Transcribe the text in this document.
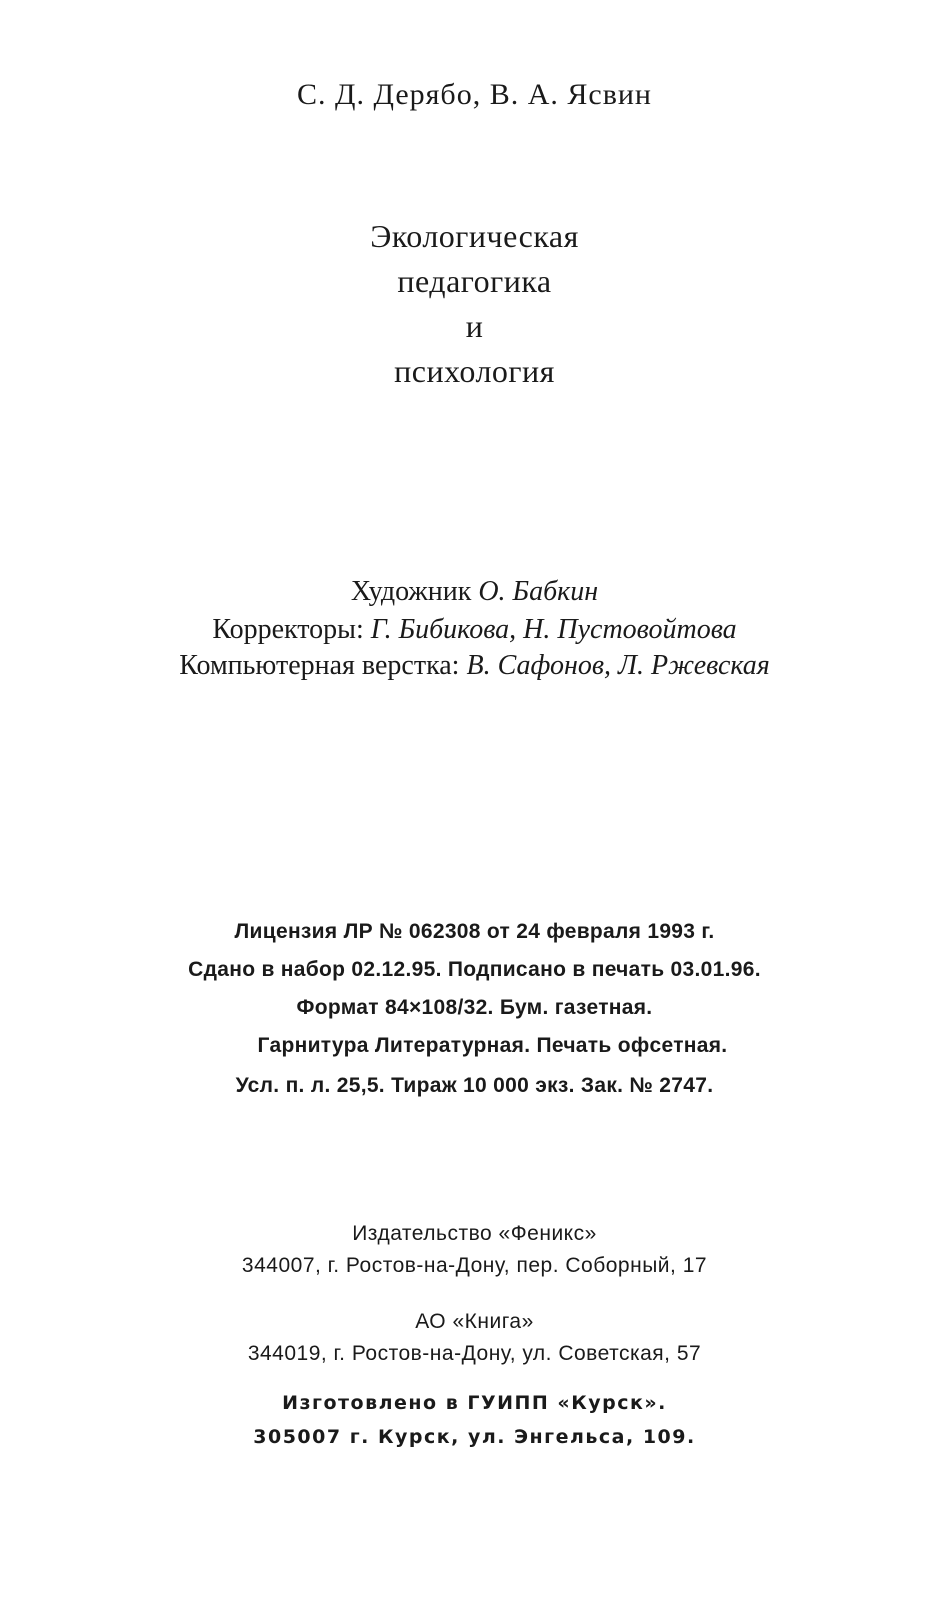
С. Д. Дерябо, В. А. Ясвин
Экологическая
педагогика
и
психология
Художник О. Бабкин
Корректоры: Г. Бибикова, Н. Пустовойтова
Компьютерная верстка: В. Сафонов, Л. Ржевская
Лицензия ЛР № 062308 от 24 февраля 1993 г.
Сдано в набор 02.12.95. Подписано в печать 03.01.96.
Формат 84×108/32. Бум. газетная.
Гарнитура Литературная. Печать офсетная.
Усл. п. л. 25,5. Тираж 10 000 экз. Зак. № 2747.
Издательство «Феникс»
344007, г. Ростов-на-Дону, пер. Соборный, 17
АО «Книга»
344019, г. Ростов-на-Дону, ул. Советская, 57
Изготовлено в ГУИПП «Курск».
305007 г. Курск, ул. Энгельса, 109.
